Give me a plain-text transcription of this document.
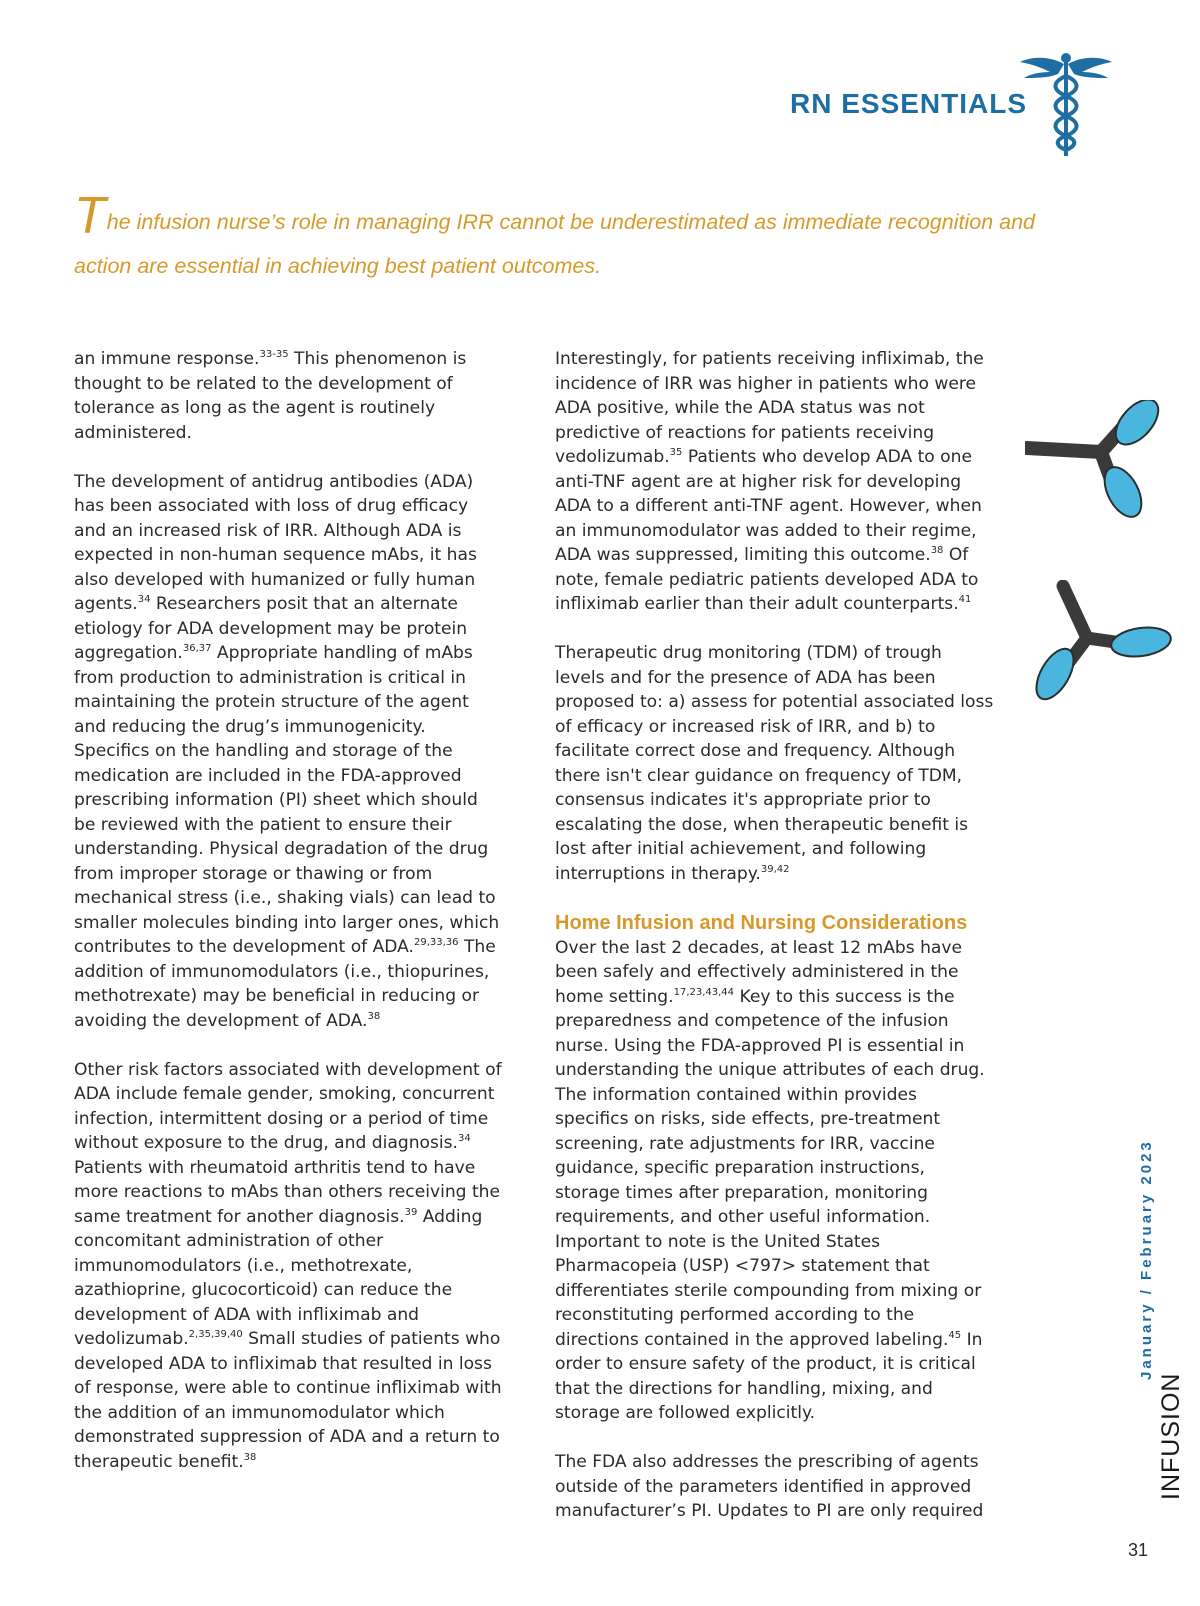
RN ESSENTIALS
The infusion nurse’s role in managing IRR cannot be underestimated as immediate recognition and action are essential in achieving best patient outcomes.

an immune response.$^{33-35}$ This phenomenon is thought to be related to the development of tolerance as long as the agent is routinely administered.

The development of antidrug antibodies (ADA) has been associated with loss of drug efficacy and an increased risk of IRR. Although ADA is expected in non-human sequence mAbs, it has also developed with humanized or fully human agents.$^{34}$ Researchers posit that an alternate etiology for ADA development may be protein aggregation.$^{36,37}$ Appropriate handling of mAbs from production to administration is critical in maintaining the protein structure of the agent and reducing the drug’s immunogenicity. Specifics on the handling and storage of the medication are included in the FDA-approved prescribing information (PI) sheet which should be reviewed with the patient to ensure their understanding. Physical degradation of the drug from improper storage or thawing or from mechanical stress (i.e., shaking vials) can lead to smaller molecules binding into larger ones, which contributes to the development of ADA.$^{29,33,36}$ The addition of immunomodulators (i.e., thiopurines, methotrexate) may be beneficial in reducing or avoiding the development of ADA.$^{38}$

Other risk factors associated with development of ADA include female gender, smoking, concurrent infection, intermittent dosing or a period of time without exposure to the drug, and diagnosis.$^{34}$ Patients with rheumatoid arthritis tend to have more reactions to mAbs than others receiving the same treatment for another diagnosis.$^{39}$ Adding concomitant administration of other immunomodulators (i.e., methotrexate, azathioprine, glucocorticoid) can reduce the development of ADA with infliximab and vedolizumab.$^{2,35,39,40}$ Small studies of patients who developed ADA to infliximab that resulted in loss of response, were able to continue infliximab with the addition of an immunomodulator which demonstrated suppression of ADA and a return to therapeutic benefit.$^{38}$

Interestingly, for patients receiving infliximab, the incidence of IRR was higher in patients who were ADA positive, while the ADA status was not predictive of reactions for patients receiving vedolizumab.$^{35}$ Patients who develop ADA to one anti-TNF agent are at higher risk for developing ADA to a different anti-TNF agent. However, when an immunomodulator was added to their regime, ADA was suppressed, limiting this outcome.$^{38}$ Of note, female pediatric patients developed ADA to infliximab earlier than their adult counterparts.$^{41}$

Therapeutic drug monitoring (TDM) of trough levels and for the presence of ADA has been proposed to: a) assess for potential associated loss of efficacy or increased risk of IRR, and b) to facilitate correct dose and frequency. Although there isn't clear guidance on frequency of TDM, consensus indicates it's appropriate prior to escalating the dose, when therapeutic benefit is lost after initial achievement, and following interruptions in therapy.$^{39,42}$

Home Infusion and Nursing Considerations

Over the last 2 decades, at least 12 mAbs have been safely and effectively administered in the home setting.$^{17,23,43,44}$ Key to this success is the preparedness and competence of the infusion nurse. Using the FDA-approved PI is essential in understanding the unique attributes of each drug. The information contained within provides specifics on risks, side effects, pre-treatment screening, rate adjustments for IRR, vaccine guidance, specific preparation instructions, storage times after preparation, monitoring requirements, and other useful information. Important to note is the United States Pharmacopeia (USP) <797> statement that differentiates sterile compounding from mixing or reconstituting performed according to the directions contained in the approved labeling.$^{45}$ In order to ensure safety of the product, it is critical that the directions for handling, mixing, and storage are followed explicitly.

The FDA also addresses the prescribing of agents outside of the parameters identified in approved manufacturer’s PI. Updates to PI are only required

January / February 2023
INFUSION
31
